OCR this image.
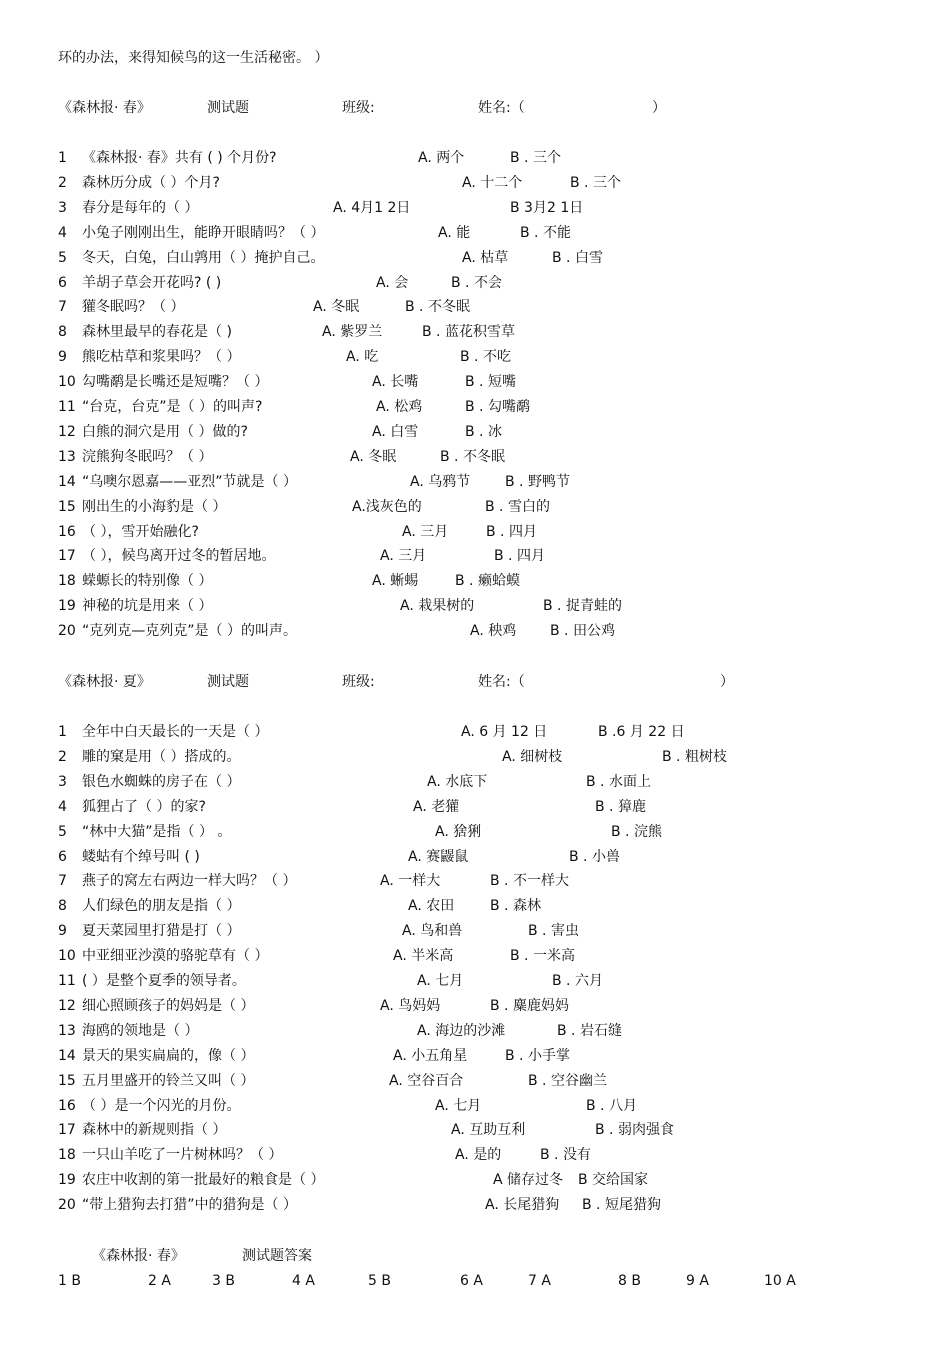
环的办法，来得知候鸟的这一生活秘密。 ）
《森林报· 春》	测试题	班级:	姓名:（	）
1 《森林报· 春》共有 ( ) 个月份?	A. 两个	B . 三个
2 森林历分成（ ）个月?	A. 十二个	B . 三个
3 春分是每年的（ ）	A. 4月1 2日	B 3月2 1日
4 小兔子刚刚出生，能睁开眼睛吗？（ ）	A. 能	B . 不能
5 冬天，白兔，白山鹑用（ ）掩护自己。	A. 枯草	B . 白雪
6 羊胡子草会开花吗? ( )	A. 会	B . 不会
7 獾冬眠吗？（ ）	A. 冬眠	B . 不冬眠
8 森林里最早的春花是（ )	A. 紫罗兰	B . 蓝花积雪草
9 熊吃枯草和浆果吗？（ ）	A. 吃	B . 不吃
10 勾嘴鹬是长嘴还是短嘴？（ ）	A. 长嘴	B . 短嘴
11 “台克，台克”是（ ）的叫声?	A. 松鸡	B . 勾嘴鹬
12 白熊的洞穴是用（ ）做的?	A. 白雪	B . 冰
13 浣熊狗冬眠吗？（ ）	A. 冬眠	B . 不冬眠
14 “乌噢尔恩嘉——亚烈”节就是（ ）	A. 乌鸦节 B . 野鸭节
15 刚出生的小海豹是（ ）	A.浅灰色的	B . 雪白的
16 （ ），雪开始融化?	A. 三月	B . 四月
17 （ ），候鸟离开过冬的暂居地。	A. 三月	B . 四月
18 蝾螈长的特别像（ ）	A. 蜥蜴	B . 癞蛤蟆
19 神秘的坑是用来（ ）	A. 栽果树的	B . 捉青蛙的
20 “克列克—克列克”是（ ）的叫声。	A. 秧鸡 B . 田公鸡
《森林报· 夏》	测试题	班级:	姓名:（	）
1 全年中白天最长的一天是（ ）	A. 6 月 12 日	B .6 月 22 日
2 雕的窠是用（ ）搭成的。	A. 细树枝	B . 粗树枝
3 银色水蜘蛛的房子在（ ）	A. 水底下	B . 水面上
4 狐狸占了（ ）的家?	A. 老獾	B . 獐鹿
5 “林中大猫”是指（ ） 。	A. 猞猁	B . 浣熊
6 蝼蛄有个绰号叫 ( )	A. 赛鼹鼠	B . 小兽
7 燕子的窝左右两边一样大吗？（ ）	A. 一样大	B . 不一样大
8 人们绿色的朋友是指（ ）	A. 农田	B . 森林
9 夏天菜园里打猎是打（ ）	A. 鸟和兽	B . 害虫
10 中亚细亚沙漠的骆驼草有（ ）	A. 半米高	B . 一米高
11 ( ）是整个夏季的领导者。	A. 七月	B . 六月
12 细心照顾孩子的妈妈是（ ）	A. 鸟妈妈	B . 麋鹿妈妈
13 海鸥的领地是（ ）	A. 海边的沙滩	B . 岩石缝
14 景天的果实扁扁的，像（ ）	A. 小五角星	B . 小手掌
15 五月里盛开的铃兰又叫（ ）	A. 空谷百合	B . 空谷幽兰
16 （ ）是一个闪光的月份。	A. 七月	B . 八月
17 森林中的新规则指（ ）	A. 互助互利	B . 弱肉强食
18 一只山羊吃了一片树林吗？（ ）	A. 是的	B . 没有
19 农庄中收割的第一批最好的粮食是（ ）	A 储存过冬 B 交给国家
20 “带上猎狗去打猎”中的猎狗是（ ）	A. 长尾猎狗 B . 短尾猎狗
《森林报· 春》	测试题答案
1 B	2 A	3 B	4 A	5 B	6 A	7 A	8 B	9 A	10 A
